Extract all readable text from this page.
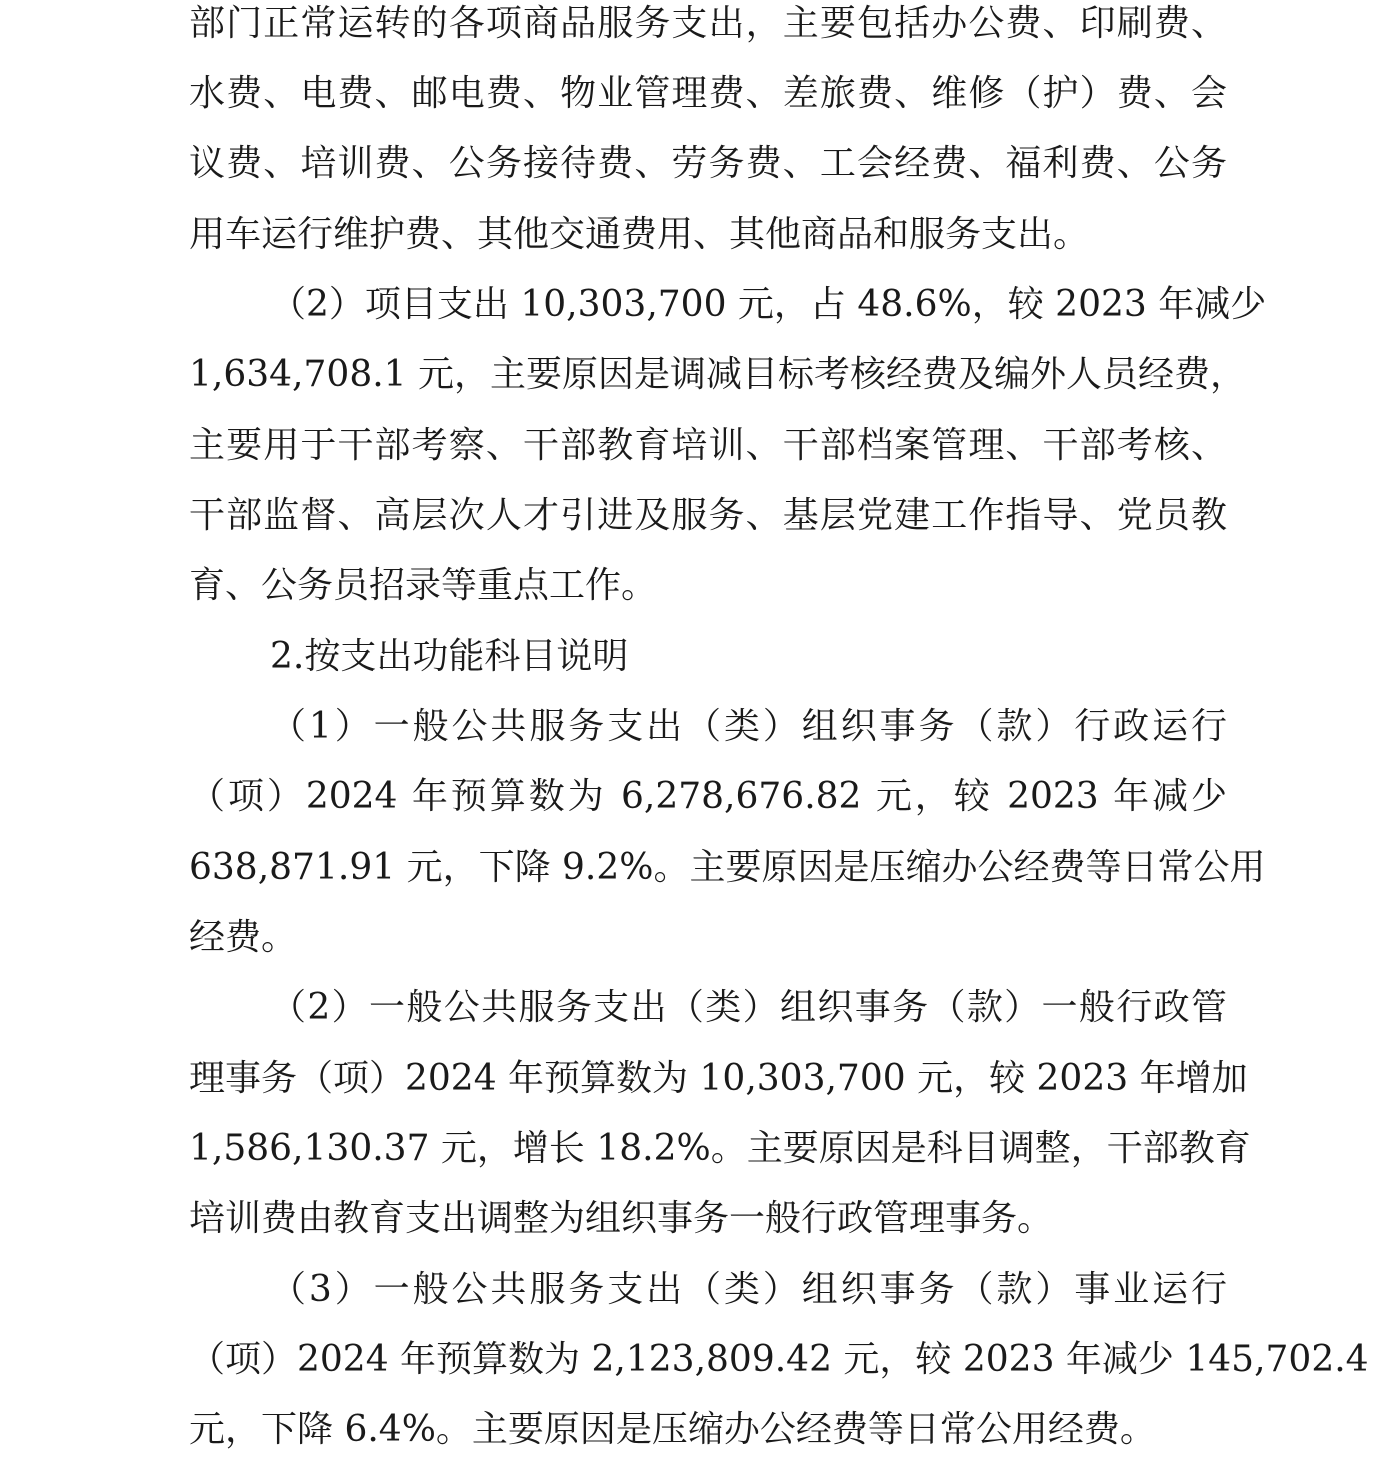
部门正常运转的各项商品服务支出，主要包括办公费、印刷费、
水费、电费、邮电费、物业管理费、差旅费、维修（护）费、会
议费、培训费、公务接待费、劳务费、工会经费、福利费、公务
用车运行维护费、其他交通费用、其他商品和服务支出。
（2）项目支出 10,303,700 元，占 48.6%，较 2023 年减少
1,634,708.1 元，主要原因是调减目标考核经费及编外人员经费，
主要用于干部考察、干部教育培训、干部档案管理、干部考核、
干部监督、高层次人才引进及服务、基层党建工作指导、党员教
育、公务员招录等重点工作。
2.按支出功能科目说明
（1）一般公共服务支出（类）组织事务（款）行政运行
（项）2024 年预算数为 6,278,676.82 元，较 2023 年减少
638,871.91 元，下降 9.2%。主要原因是压缩办公经费等日常公用
经费。
（2）一般公共服务支出（类）组织事务（款）一般行政管
理事务（项）2024 年预算数为 10,303,700 元，较 2023 年增加
1,586,130.37 元，增长 18.2%。主要原因是科目调整，干部教育
培训费由教育支出调整为组织事务一般行政管理事务。
（3）一般公共服务支出（类）组织事务（款）事业运行
（项）2024 年预算数为 2,123,809.42 元，较 2023 年减少 145,702.4
元，下降 6.4%。主要原因是压缩办公经费等日常公用经费。
